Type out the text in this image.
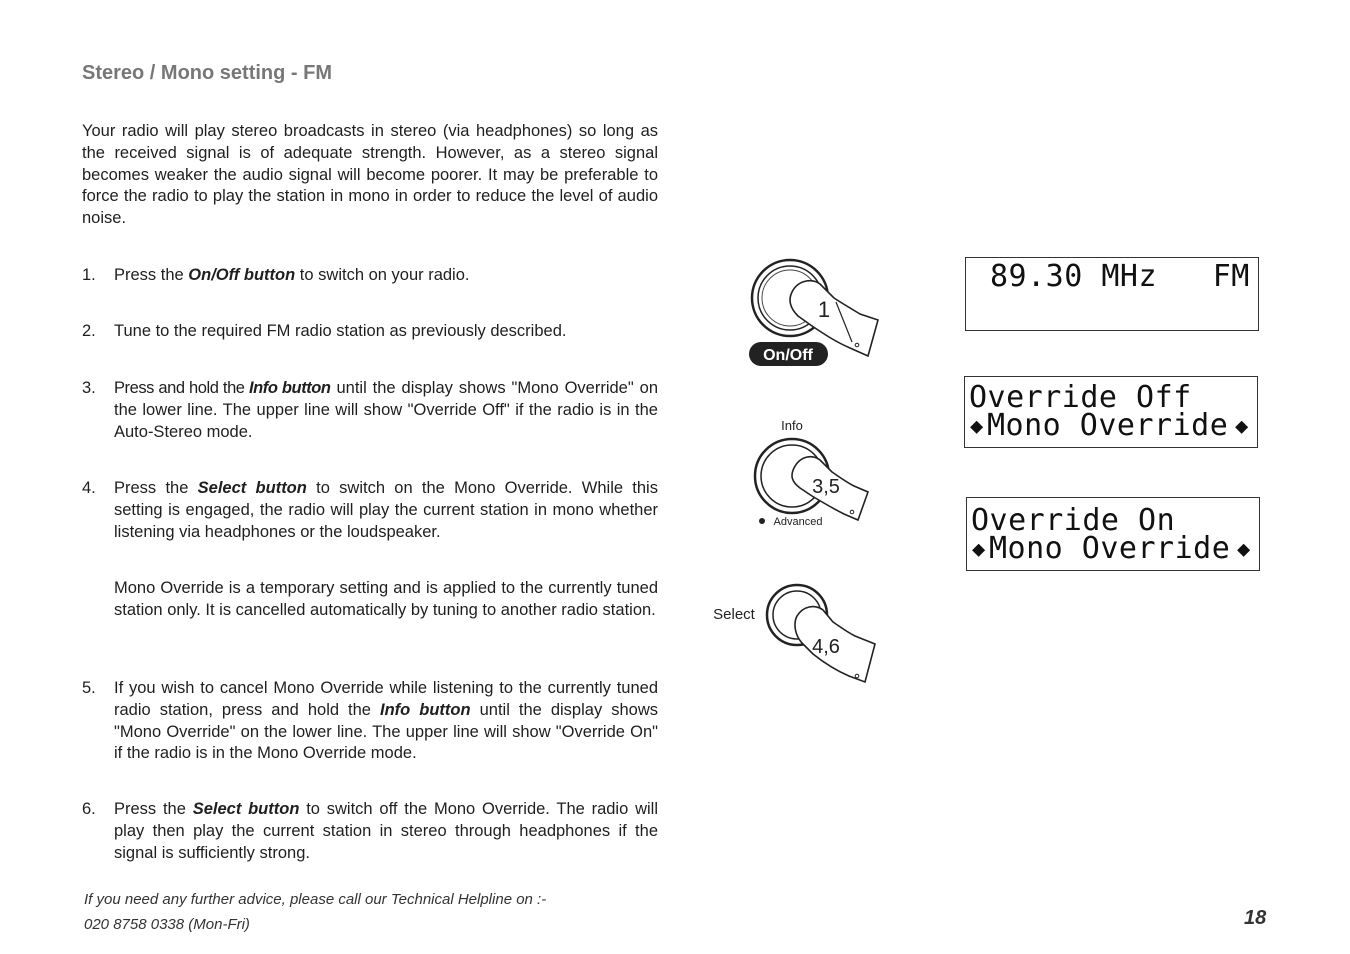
Stereo / Mono setting - FM
Your radio will play stereo broadcasts in stereo (via headphones) so long as the received signal is of adequate strength. However, as a stereo signal becomes weaker the audio signal will become poorer. It may be preferable to force the radio to play the station in mono in order to reduce the level of audio noise.
1. Press the On/Off button to switch on your radio.
2. Tune to the required FM radio station as previously described.
3. Press and hold the Info button until the display shows "Mono Override" on the lower line. The upper line will show "Override Off" if the radio is in the Auto-Stereo mode.
4. Press the Select button to switch on the Mono Override. While this setting is engaged, the radio will play the current station in mono whether listening via headphones or the loudspeaker.
Mono Override is a temporary setting and is applied to the currently tuned station only. It is cancelled automatically by tuning to another radio station.
5. If you wish to cancel Mono Override while listening to the currently tuned radio station, press and hold the Info button until the display shows "Mono Override" on the lower line. The upper line will show "Override On" if the radio is in the Mono Override mode.
6. Press the Select button to switch off the Mono Override. The radio will play then play the current station in stereo through headphones if the signal is sufficiently strong.
If you need any further advice, please call our Technical Helpline on :-
020 8758 0338 (Mon-Fri)	18
1
On/Off
Info
3,5
Advanced
Select
4,6
89.30 MHz   FM
Override Off
◆ Mono Override ◆
Override On
◆ Mono Override ◆
